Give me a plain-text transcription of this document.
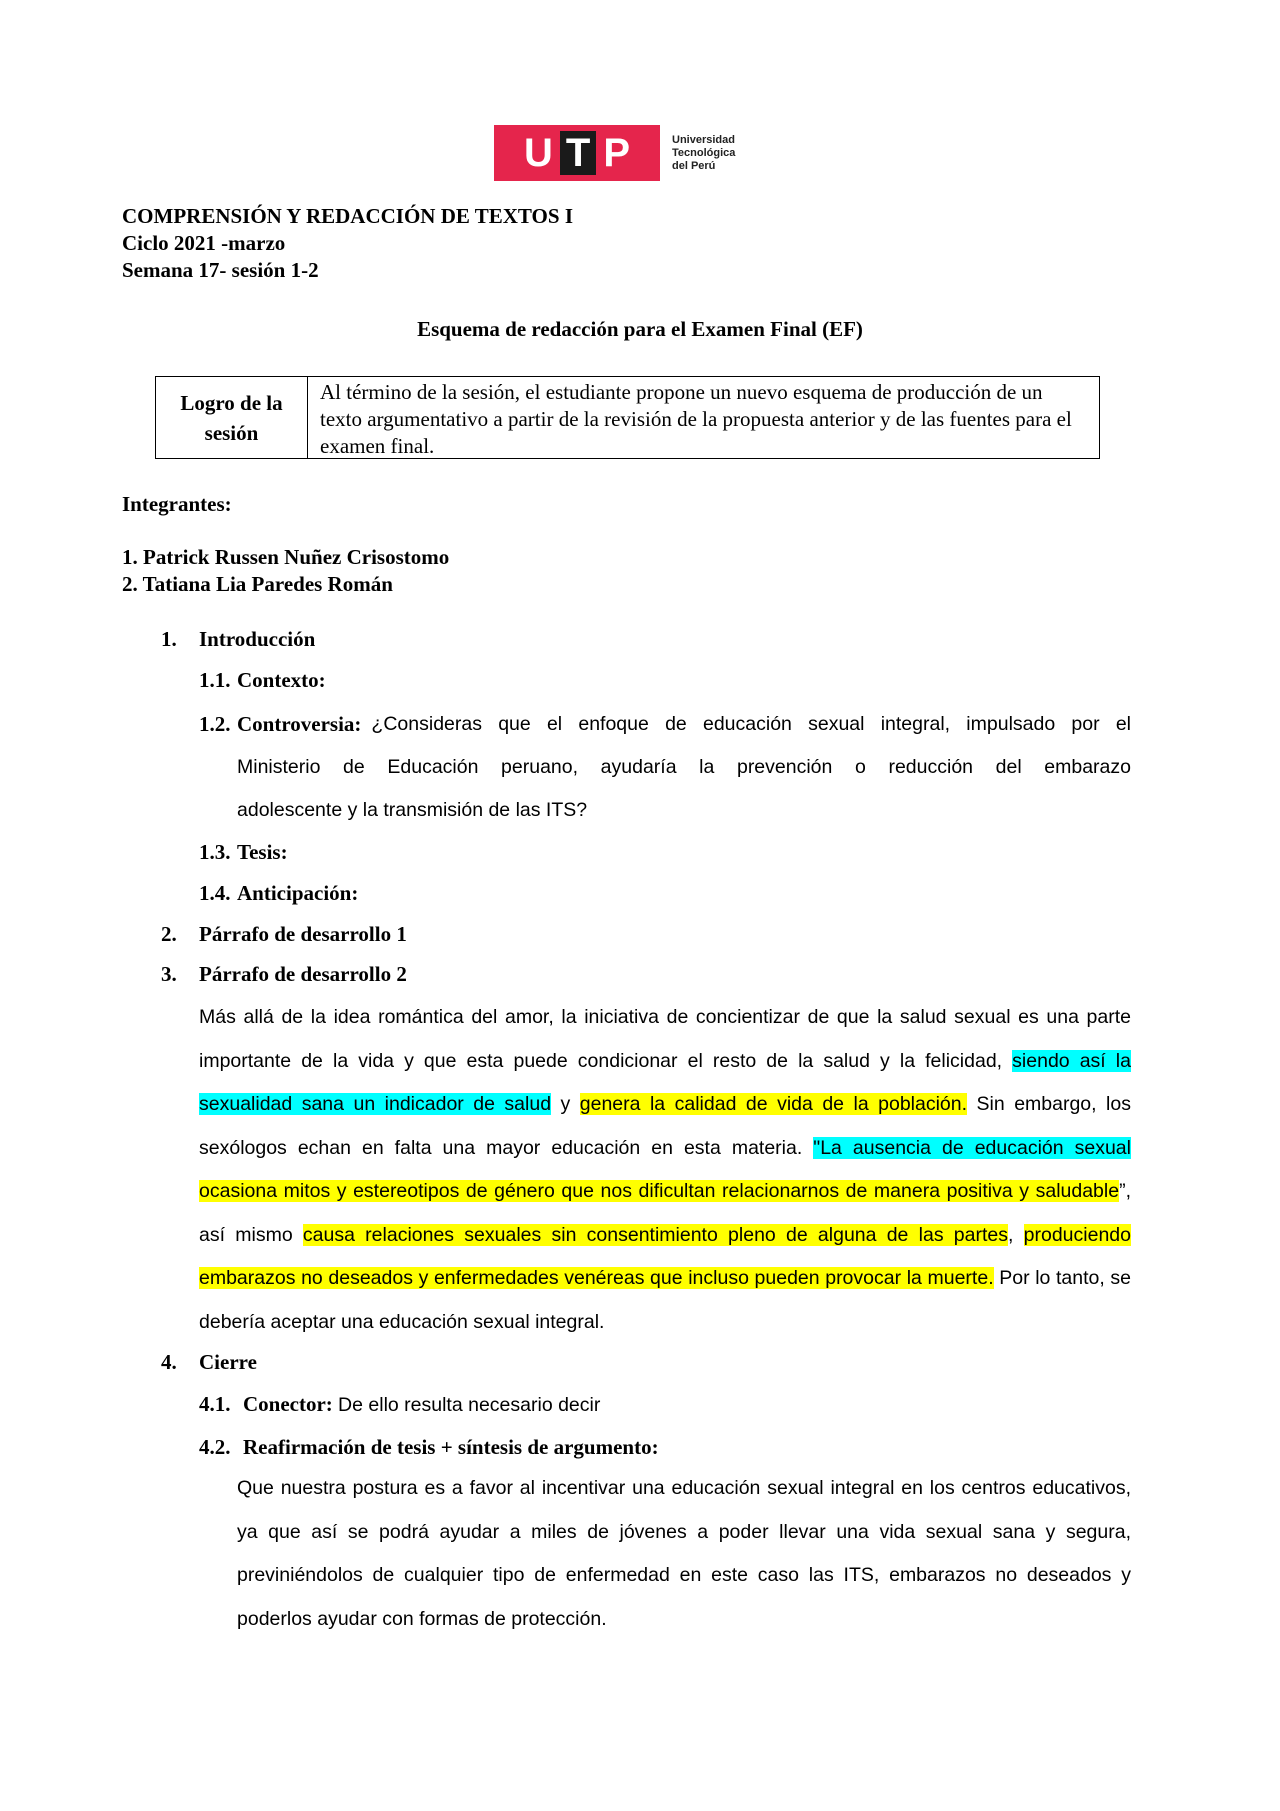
U T P	Universidad
Tecnológica
del Perú
COMPRENSIÓN Y REDACCIÓN DE TEXTOS I
Ciclo 2021 -marzo
Semana 17- sesión 1-2
Esquema de redacción para el Examen Final (EF)
Logro de la
sesión
Al término de la sesión, el estudiante propone un nuevo esquema de producción de un texto argumentativo a partir de la revisión de la propuesta anterior y de las fuentes para el examen final.
Integrantes:
1. Patrick Russen Nuñez Crisostomo
2. Tatiana Lia Paredes Román
1. Introducción
1.1. Contexto:
1.2. Controversia: ¿Consideras que el enfoque de educación sexual integral, impulsado por el
Ministerio de Educación peruano, ayudaría la prevención o reducción del embarazo
adolescente y la transmisión de las ITS?
1.3. Tesis:
1.4. Anticipación:
2. Párrafo de desarrollo 1
3. Párrafo de desarrollo 2
Más allá de la idea romántica del amor, la iniciativa de concientizar de que la salud sexual es una parte importante de la vida y que esta puede condicionar el resto de la salud y la felicidad, siendo así la sexualidad sana un indicador de salud y genera la calidad de vida de la población. Sin embargo, los sexólogos echan en falta una mayor educación en esta materia. "La ausencia de educación sexual ocasiona mitos y estereotipos de género que nos dificultan relacionarnos de manera positiva y saludable”, así mismo causa relaciones sexuales sin consentimiento pleno de alguna de las partes, produciendo embarazos no deseados y enfermedades venéreas que incluso pueden provocar la muerte. Por lo tanto, se debería aceptar una educación sexual integral.
4. Cierre
4.1. Conector: De ello resulta necesario decir
4.2. Reafirmación de tesis + síntesis de argumento:
Que nuestra postura es a favor al incentivar una educación sexual integral en los centros educativos, ya que así se podrá ayudar a miles de jóvenes a poder llevar una vida sexual sana y segura, previniéndolos de cualquier tipo de enfermedad en este caso las ITS, embarazos no deseados y poderlos ayudar con formas de protección.
